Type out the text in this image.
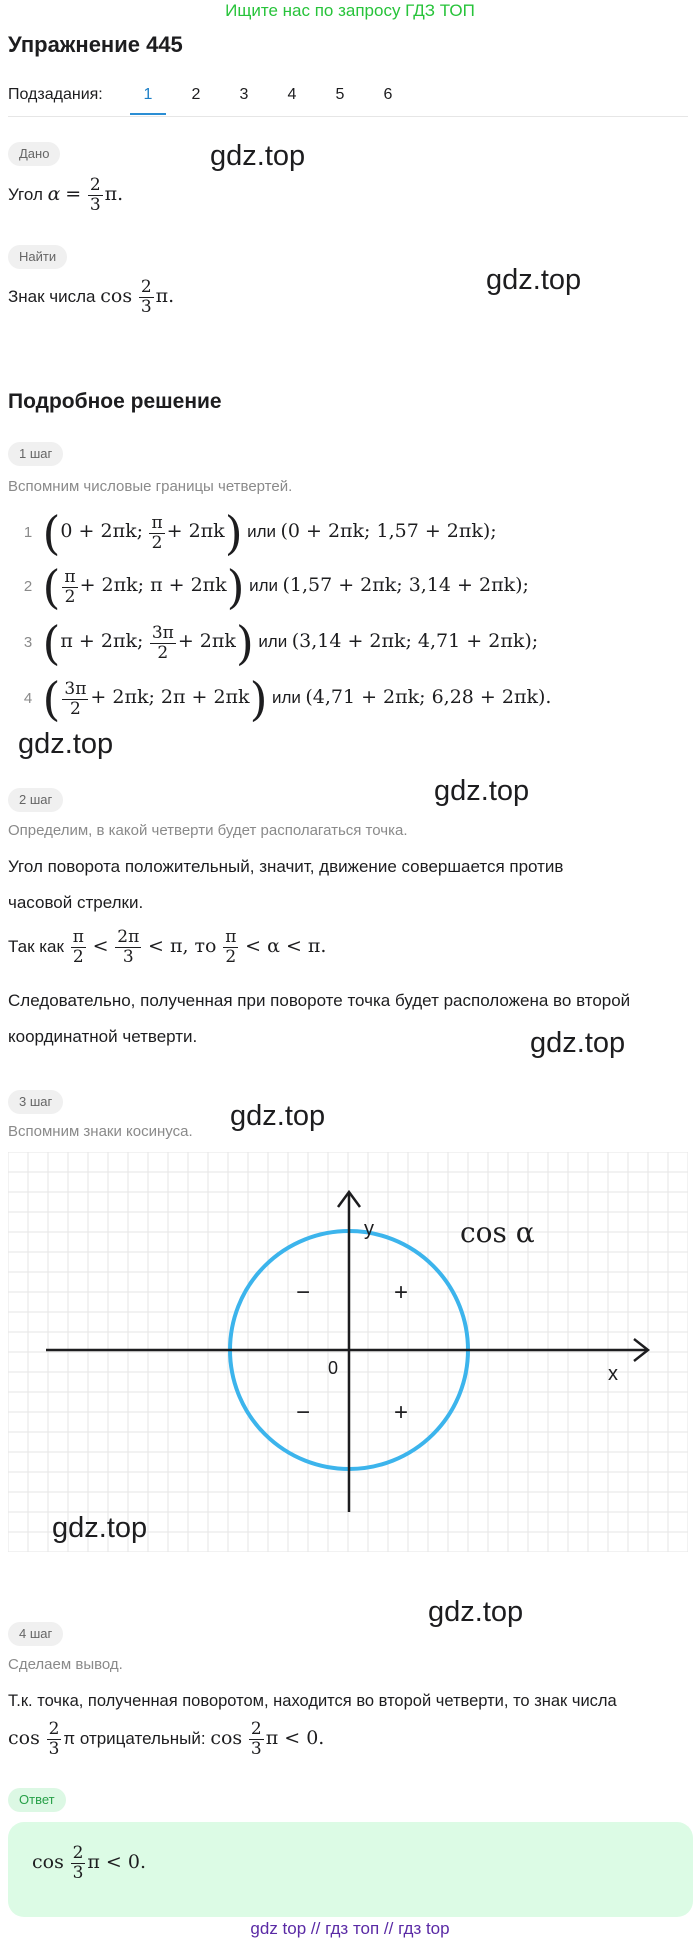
Ищите нас по запросу ГДЗ ТОП
Упражнение 445
Подзадания:	1	2	3	4	5	6
Дано
Угол $\alpha = \frac{2}{3} \pi$.
Найти
Знак числа $\cos \frac{2}{3} \pi$.
Подробное решение
1 шаг
Вспомним числовые границы четвертей.
1 (0 + 2πk; $\frac{\pi}{2} + 2\pi k$) или (0 + 2πk; 1,57 + 2πk);
2 ( $\frac{\pi}{2} + 2\pi k$; π + 2πk) или (1,57 + 2πk; 3,14 + 2πk);
3 (π + 2πk; $\frac{3\pi}{2} + 2\pi k$) или (3,14 + 2πk; 4,71 + 2πk);
4 ( $\frac{3\pi}{2} + 2\pi k$; 2π + 2πk) или (4,71 + 2πk; 6,28 + 2πk).
2 шаг
Определим, в какой четверти будет располагаться точка.
Угол поворота положительный, значит, движение совершается против
часовой стрелки.
Так как $\frac{\pi}{2} < \frac{2\pi}{3} < \pi$, то $\frac{\pi}{2} < \alpha < \pi$.
Следовательно, полученная при повороте точка будет расположена во второй
координатной четверти.
3 шаг
Вспомним знаки косинуса.
y
x
0
cos α
+
−
−	+
4 шаг
Сделаем вывод.
Т.к. точка, полученная поворотом, находится во второй четверти, то знак числа
$\cos \frac{2}{3}$ π отрицательный: $\cos \frac{2}{3}$ π < 0.
Ответ
$\cos \frac{2}{3}$ π < 0.
gdz.top
gdz.top
gdz.top
gdz.top
gdz.top
gdz.top
gdz.top
gdz.top
gdz top // гдз топ // гдз top
